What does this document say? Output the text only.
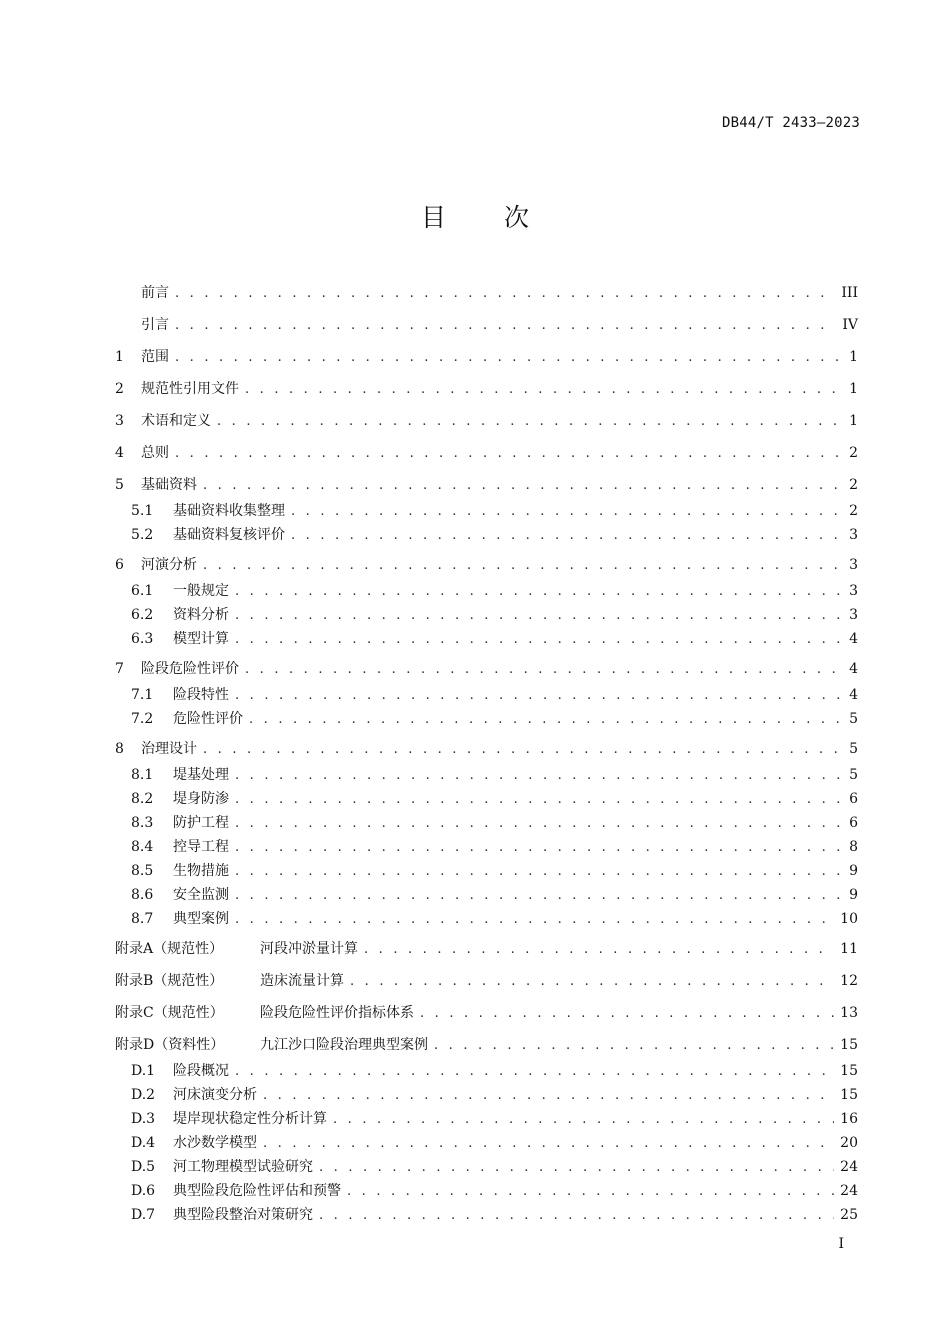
DB44/T 2433—2023
目次
前言 . . .	III
引言 . . .	IV
1	范围 . . .	1
2	规范性引用文件 . . .	1
3	术语和定义 . . .	1
4	总则 . . .	2
5	基础资料 . . .	2
5.1	基础资料收集整理 . . .	2
5.2	基础资料复核评价 . . .	3
6	河演分析 . . .	3
6.1	一般规定 . . .	3
6.2	资料分析 . . .	3
6.3	模型计算 . . .	4
7	险段危险性评价 . . .	4
7.1	险段特性 . . .	4
7.2	危险性评价 . . .	5
8	治理设计 . . .	5
8.1	堤基处理 . . .	5
8.2	堤身防渗 . . .	6
8.3	防护工程 . . .	6
8.4	控导工程 . . .	8
8.5	生物措施 . . .	9
8.6	安全监测 . . .	9
8.7	典型案例 . . .	10
附录A（规范性）	河段冲淤量计算 . . .	11
附录B（规范性）	造床流量计算 . . .	12
附录C（规范性）	险段危险性评价指标体系 . . .	13
附录D（资料性）	九江沙口险段治理典型案例 . . .	15
D.1	险段概况 . . .	15
D.2	河床演变分析 . . .	15
D.3	堤岸现状稳定性分析计算 . . .	16
D.4	水沙数学模型 . . .	20
D.5	河工物理模型试验研究 . . .	24
D.6	典型险段危险性评估和预警 . . .	24
D.7	典型险段整治对策研究 . . .	25
I
